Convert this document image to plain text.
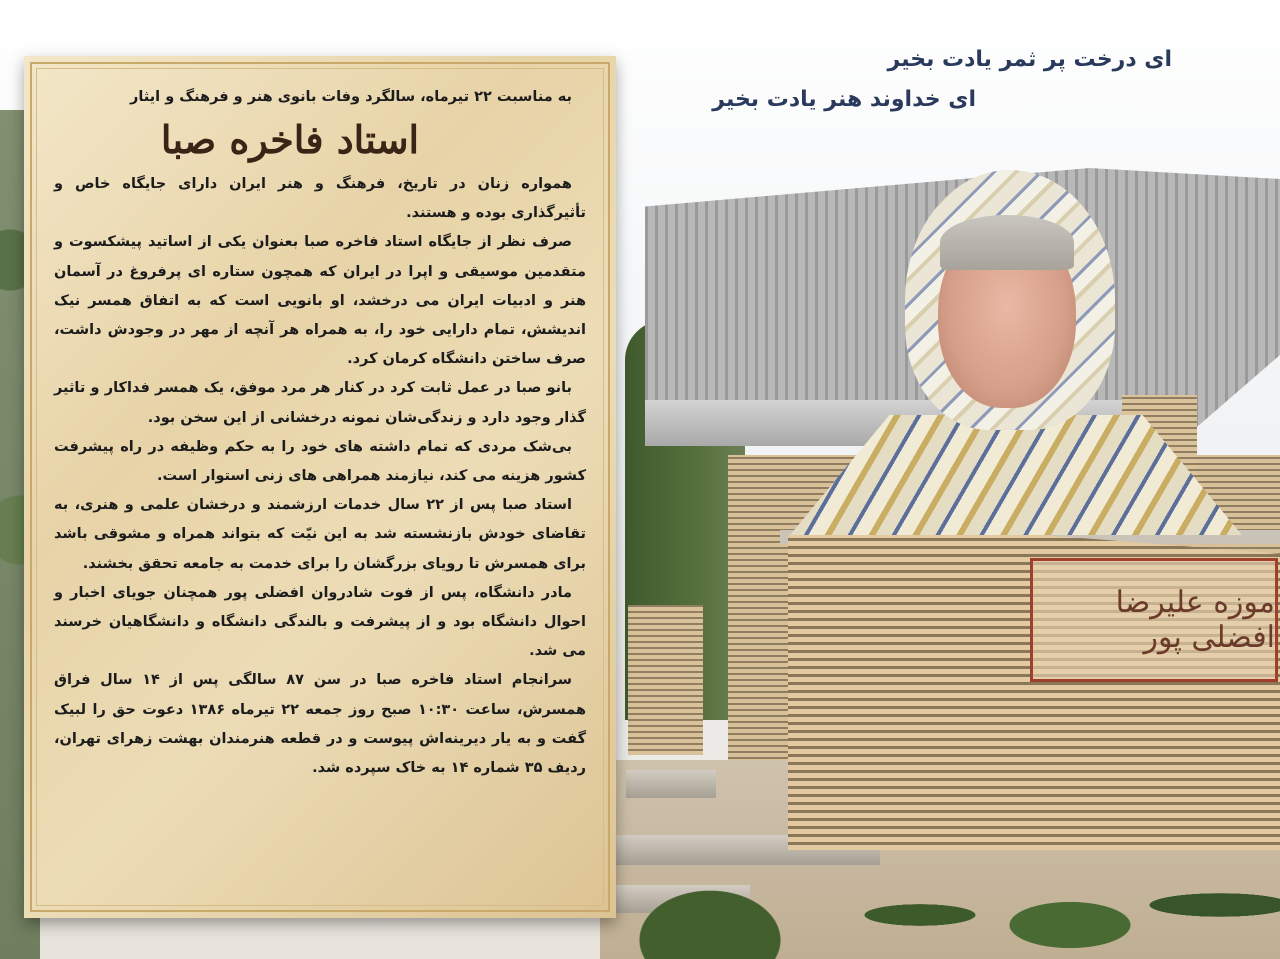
موزه علیرضا افضلی پور
ای درخت پر ثمر یادت بخیر
ای خداوند هنر یادت بخیر
به مناسبت ۲۲ تیرماه، سالگرد وفات بانوی هنر و فرهنگ و ایثار
استاد فاخره صبا

همواره زنان در تاریخ، فرهنگ و هنر ایران دارای جایگاه خاص و تأثیرگذاری بوده و هستند.

صرف نظر از جایگاه استاد فاخره صبا بعنوان یکی از اساتید پیشکسوت و متقدمین موسیقی و اپرا در ایران که همچون ستاره ای پرفروغ در آسمان هنر و ادبیات ایران می درخشد، او بانویی است که به اتفاق همسر نیک اندیشش، تمام دارایی خود را، به همراه هر آنچه از مهر در وجودش داشت، صرف ساختن دانشگاه کرمان کرد.

بانو صبا در عمل ثابت کرد در کنار هر مرد موفق، یک همسر فداکار و تاثیر گذار وجود دارد و زندگی‌شان نمونه درخشانی از این سخن بود.

بی‌شک مردی که تمام داشته های خود را به حکم وظیفه در راه پیشرفت کشور هزینه می کند، نیازمند همراهی های زنی استوار است.

استاد صبا پس از ۲۲ سال خدمات ارزشمند و درخشان علمی و هنری، به تقاضای خودش بازنشسته شد به این نیّت که بتواند همراه و مشوقی باشد برای همسرش تا رویای بزرگشان را برای خدمت به جامعه تحقق بخشند.

مادر دانشگاه، پس از فوت شادروان افضلی پور همچنان جویای اخبار و احوال دانشگاه بود و از پیشرفت و بالندگی دانشگاه و دانشگاهیان خرسند می شد.

سرانجام استاد فاخره صبا در سن ۸۷ سالگی پس از ۱۴ سال فراق همسرش، ساعت ۱۰:۳۰ صبح روز جمعه ۲۲ تیرماه ۱۳۸۶ دعوت حق را لبیک گفت و به یار دیرینه‌اش پیوست و در قطعه هنرمندان بهشت زهرای تهران، ردیف ۳۵ شماره ۱۴ به خاک سپرده شد.
